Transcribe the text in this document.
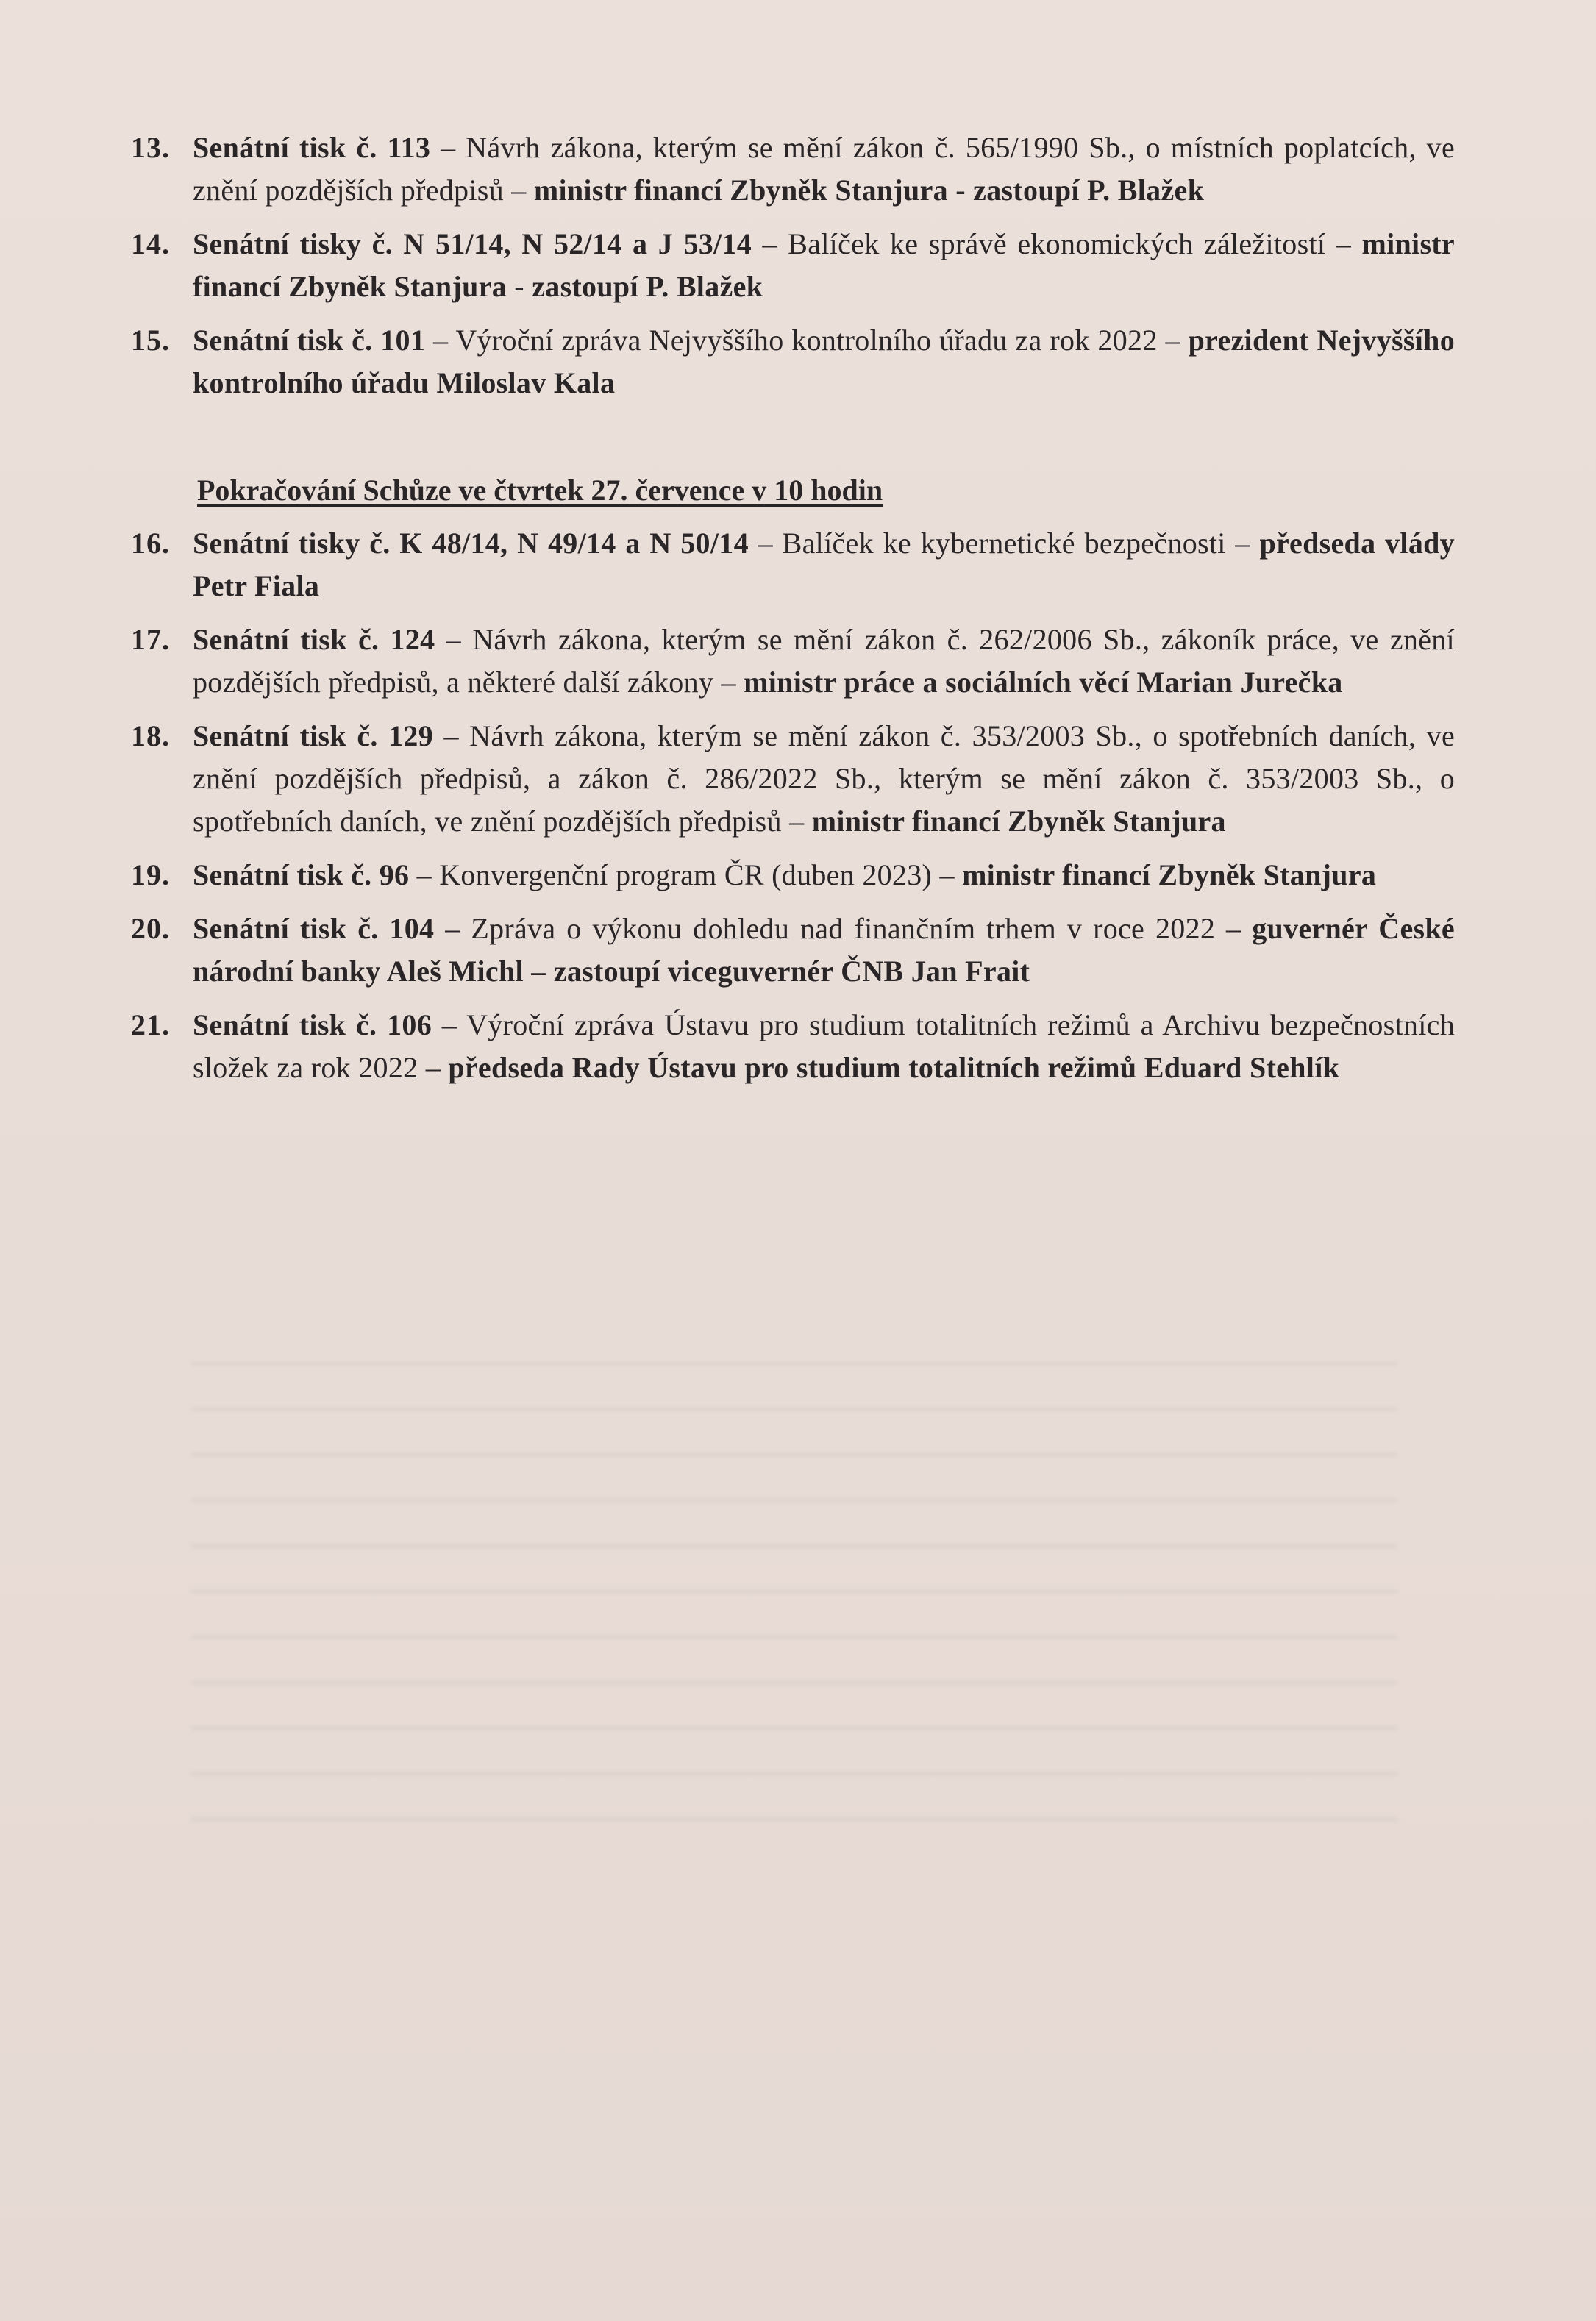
13. Senátní tisk č. 113 – Návrh zákona, kterým se mění zákon č. 565/1990 Sb., o místních poplatcích, ve znění pozdějších předpisů – ministr financí Zbyněk Stanjura - zastoupí P. Blažek
14. Senátní tisky č. N 51/14, N 52/14 a J 53/14 – Balíček ke správě ekonomických záležitostí – ministr financí Zbyněk Stanjura - zastoupí P. Blažek
15. Senátní tisk č. 101 – Výroční zpráva Nejvyššího kontrolního úřadu za rok 2022 – prezident Nejvyššího kontrolního úřadu Miloslav Kala
Pokračování Schůze ve čtvrtek 27. července v 10 hodin
16. Senátní tisky č. K 48/14, N 49/14 a N 50/14 – Balíček ke kybernetické bezpečnosti – předseda vlády Petr Fiala
17. Senátní tisk č. 124 – Návrh zákona, kterým se mění zákon č. 262/2006 Sb., zákoník práce, ve znění pozdějších předpisů, a některé další zákony – ministr práce a sociálních věcí Marian Jurečka
18. Senátní tisk č. 129 – Návrh zákona, kterým se mění zákon č. 353/2003 Sb., o spotřebních daních, ve znění pozdějších předpisů, a zákon č. 286/2022 Sb., kterým se mění zákon č. 353/2003 Sb., o spotřebních daních, ve znění pozdějších předpisů – ministr financí Zbyněk Stanjura
19. Senátní tisk č. 96 – Konvergenční program ČR (duben 2023) – ministr financí Zbyněk Stanjura
20. Senátní tisk č. 104 – Zpráva o výkonu dohledu nad finančním trhem v roce 2022 – guvernér České národní banky Aleš Michl – zastoupí viceguvernér ČNB Jan Frait
21. Senátní tisk č. 106 – Výroční zpráva Ústavu pro studium totalitních režimů a Archivu bezpečnostních složek za rok 2022 – předseda Rady Ústavu pro studium totalitních režimů Eduard Stehlík
